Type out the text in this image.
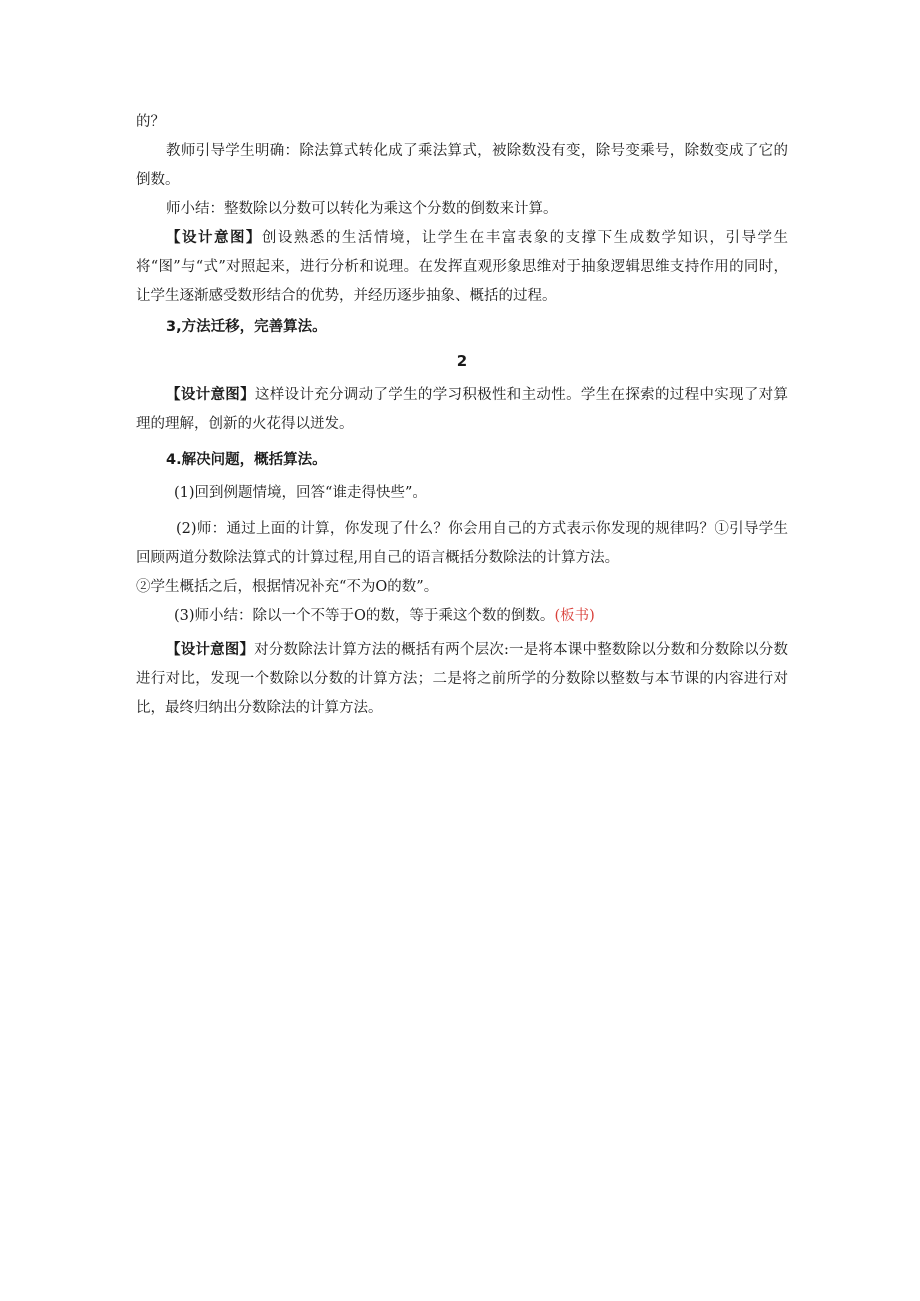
的？

教师引导学生明确：除法算式转化成了乘法算式，被除数没有变，除号变乘号，除数变成了它的倒数。

师小结：整数除以分数可以转化为乘这个分数的倒数来计算。

【设计意图】创设熟悉的生活情境，让学生在丰富表象的支撑下生成数学知识，引导学生将“图”与“式”对照起来，进行分析和说理。在发挥直观形象思维对于抽象逻辑思维支持作用的同时，让学生逐渐感受数形结合的优势，并经历逐步抽象、概括的过程。

3,方法迁移，完善算法。

2

【设计意图】这样设计充分调动了学生的学习积极性和主动性。学生在探索的过程中实现了对算理的理解，创新的火花得以迸发。

4.解决问题，概括算法。

(1)回到例题情境，回答“谁走得快些”。

(2)师：通过上面的计算，你发现了什么？你会用自己的方式表示你发现的规律吗？①引导学生回顾两道分数除法算式的计算过程,用自己的语言概括分数除法的计算方法。

②学生概括之后，根据情况补充“不为O的数”。

(3)师小结：除以一个不等于O的数，等于乘这个数的倒数。(板书)

【设计意图】对分数除法计算方法的概括有两个层次:一是将本课中整数除以分数和分数除以分数进行对比，发现一个数除以分数的计算方法；二是将之前所学的分数除以整数与本节课的内容进行对比，最终归纳出分数除法的计算方法。
